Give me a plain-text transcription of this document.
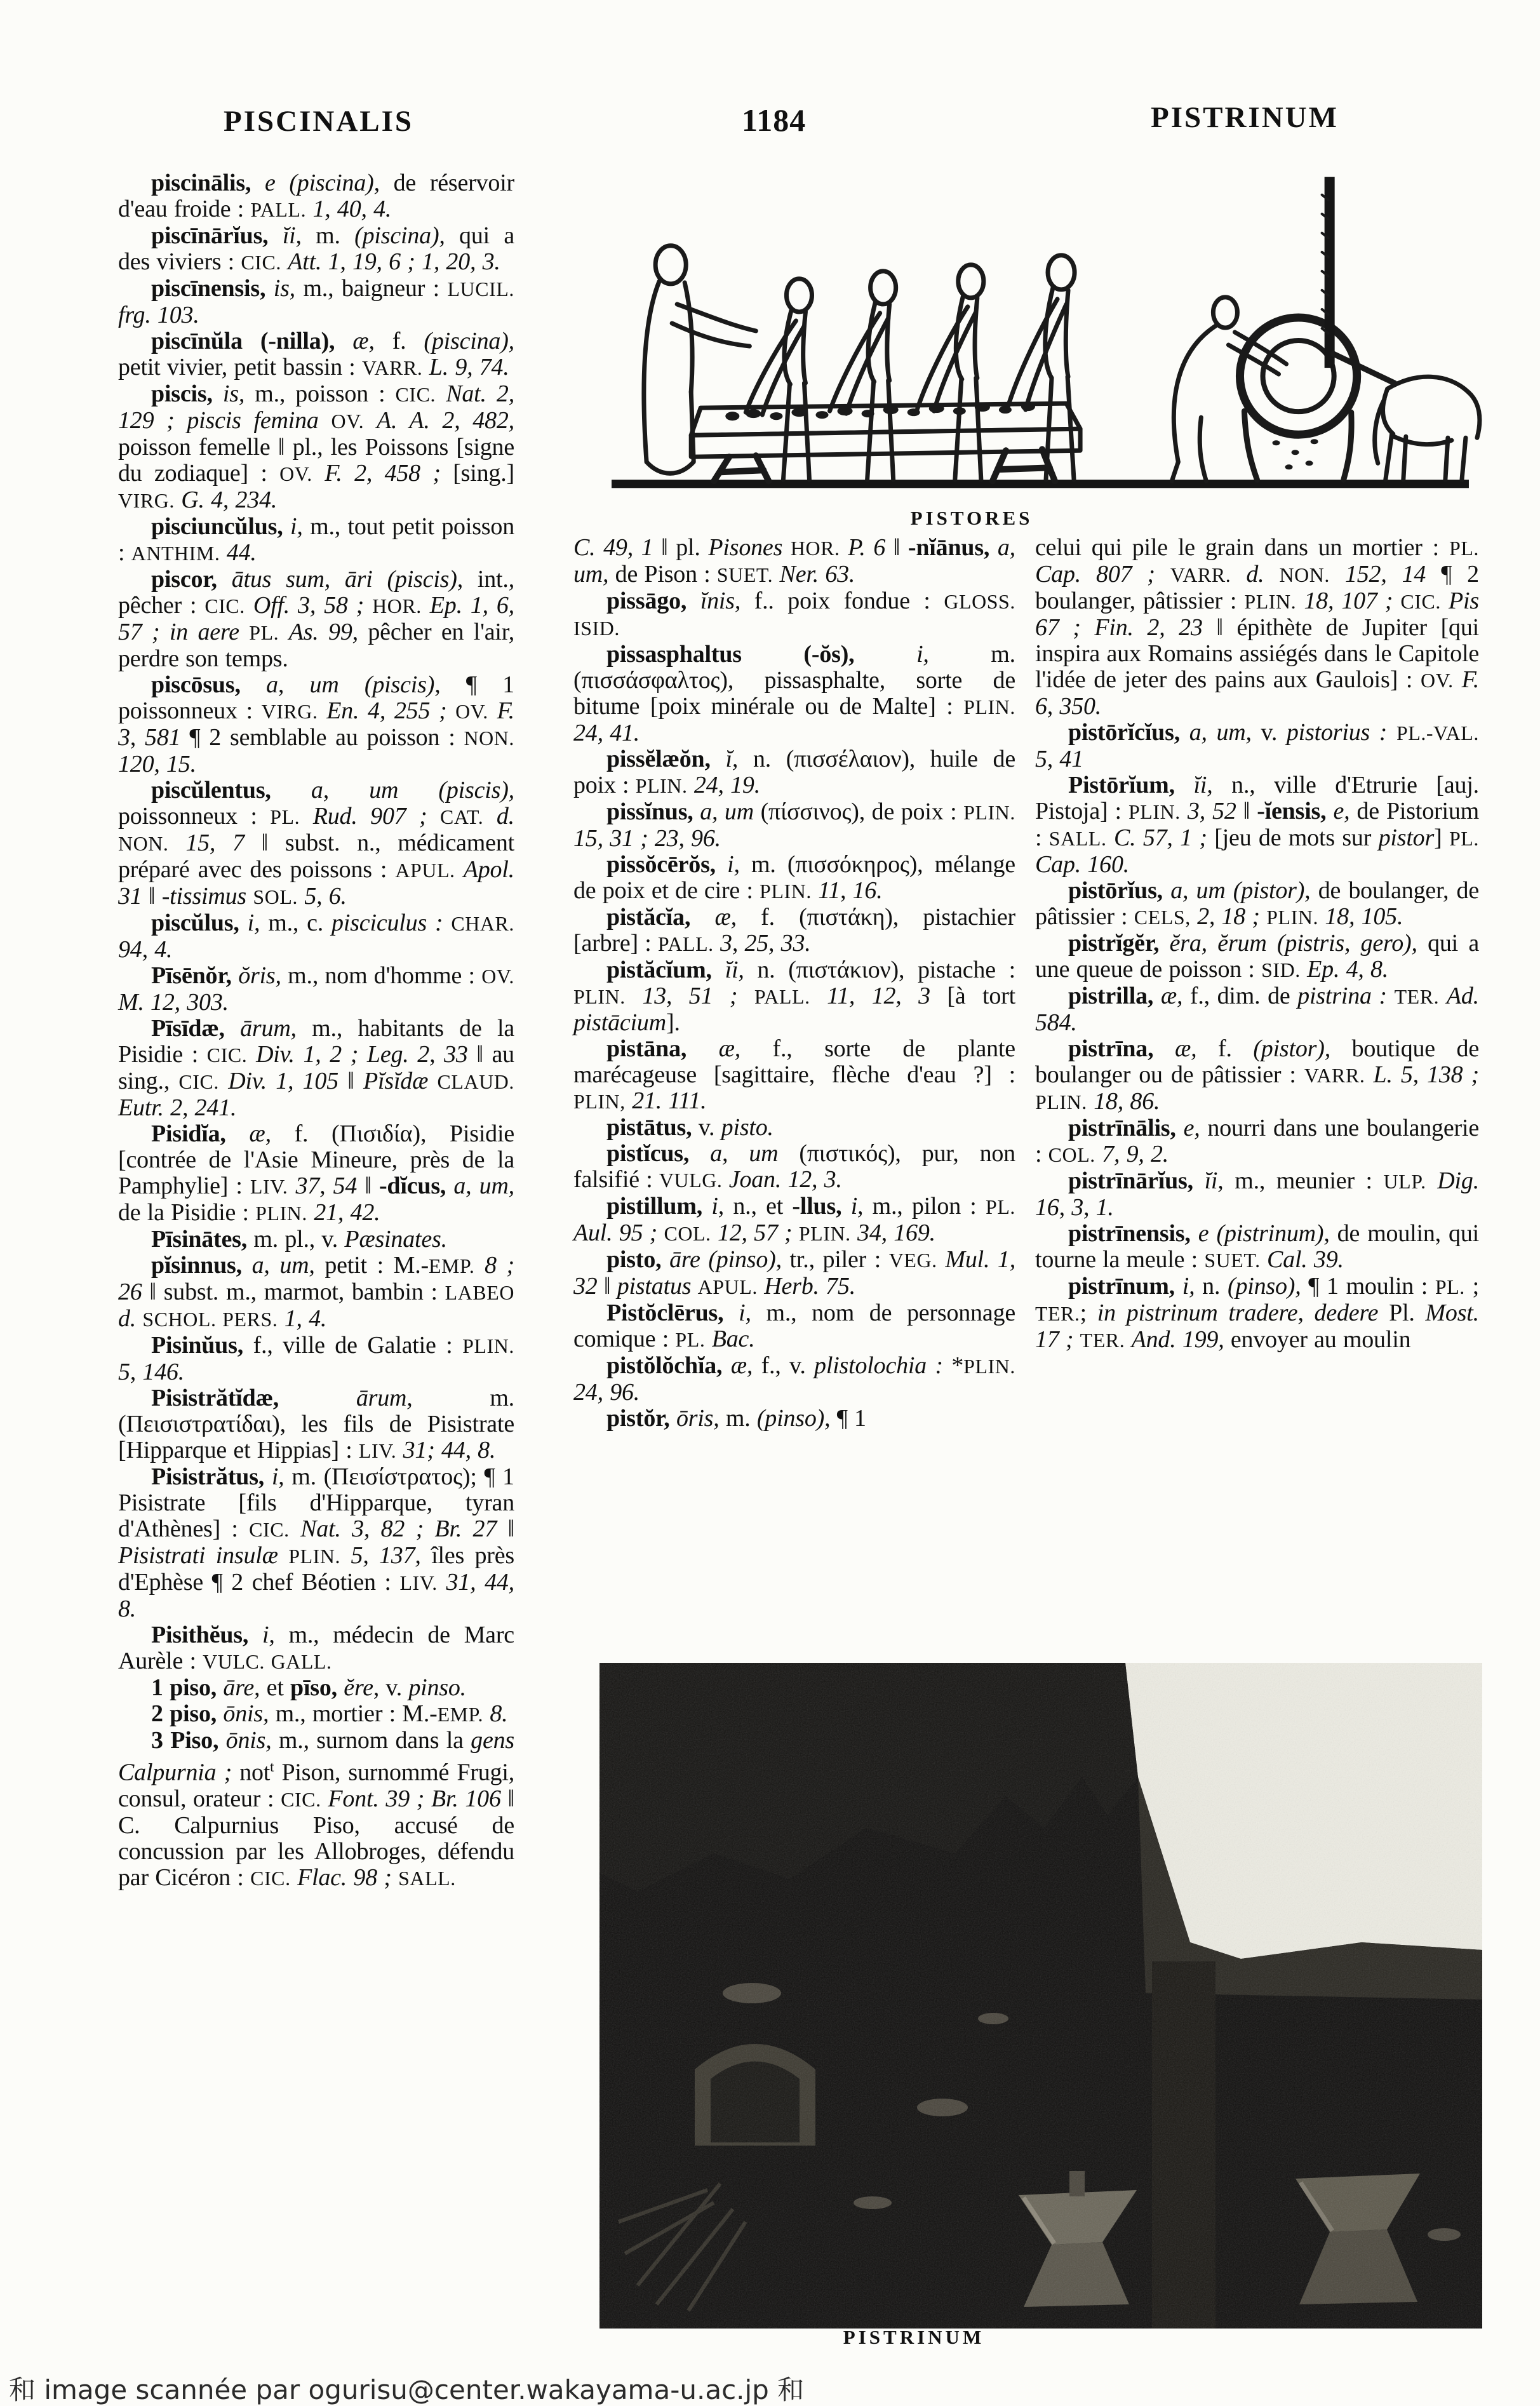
PISCINALIS	1184	PISTRINUM
PISTORES

piscinālis, e (piscina), de réservoir d'eau froide : PALL. 1, 40, 4.

piscīnārĭus, ĭi, m. (piscina), qui a des viviers : CIC. Att. 1, 19, 6 ; 1, 20, 3.

piscīnensis, is, m., baigneur : LUCIL. frg. 103.

piscīnŭla (-nilla), æ, f. (piscina), petit vivier, petit bassin : VARR. L. 9, 74.

piscis, is, m., poisson : CIC. Nat. 2, 129 ; piscis femina OV. A. A. 2, 482, poisson femelle ‖ pl., les Poissons [signe du zodiaque] : OV. F. 2, 458 ; [sing.] VIRG. G. 4, 234.

pisciuncŭlus, i, m., tout petit poisson : ANTHIM. 44.

piscor, ātus sum, āri (piscis), int., pêcher : CIC. Off. 3, 58 ; HOR. Ep. 1, 6, 57 ; in aere PL. As. 99, pêcher en l'air, perdre son temps.

piscōsus, a, um (piscis), ¶ 1 poissonneux : VIRG. En. 4, 255 ; OV. F. 3, 581 ¶ 2 semblable au poisson : NON. 120, 15.

piscŭlentus, a, um (piscis), poissonneux : PL. Rud. 907 ; CAT. d. NON. 15, 7 ‖ subst. n., médicament préparé avec des poissons : APUL. Apol. 31 ‖ -tissimus SOL. 5, 6.

piscŭlus, i, m., c. pisciculus : CHAR. 94, 4.

Pīsēnŏr, ŏris, m., nom d'homme : OV. M. 12, 303.

Pīsīdæ, ārum, m., habitants de la Pisidie : CIC. Div. 1, 2 ; Leg. 2, 33 ‖ au sing., CIC. Div. 1, 105 ‖ Pĭsĭdæ CLAUD. Eutr. 2, 241.

Pisidĭa, æ, f. (Πισιδία), Pisidie [contrée de l'Asie Mineure, près de la Pamphylie] : LIV. 37, 54 ‖ -dĭcus, a, um, de la Pisidie : PLIN. 21, 42.

Pīsinātes, m. pl., v. Pæsinates.

pĭsinnus, a, um, petit : M.-EMP. 8 ; 26 ‖ subst. m., marmot, bambin : LABEO d. SCHOL. PERS. 1, 4.

Pisinŭus, f., ville de Galatie : PLIN. 5, 146.

Pisistrătĭdæ,	ārum, m. (Πεισιστρατίδαι), les fils de Pisistrate [Hipparque et Hippias] : LIV. 31; 44, 8.

Pisistrătus, i, m. (Πεισίστρατος); ¶ 1 Pisistrate [fils d'Hipparque, tyran d'Athènes] : CIC. Nat. 3, 82 ; Br. 27 ‖ Pisistrati insulæ PLIN. 5, 137, îles près d'Ephèse ¶ 2 chef Béotien : LIV. 31, 44, 8.

Pisithĕus, i, m., médecin de Marc Aurèle : VULC. GALL.

1 piso, āre, et pīso, ĕre, v. pinso.

2 piso, ōnis, m., mortier : M.-EMP. 8.

3 Piso, ōnis, m., surnom dans la gens Calpurnia ; not$^t$ Pison, surnommé Frugi, consul, orateur : CIC. Font. 39 ; Br. 106 ‖ C. Calpurnius Piso, accusé de concussion par les Allobroges, défendu par Cicéron : CIC. Flac. 98 ; SALL.

C. 49, 1 ‖ pl. Pisones HOR. P. 6 ‖ -nĭānus, a, um, de Pison : SUET. Ner. 63.

pissāgo, ĭnis, f.. poix fondue : GLOSS. ISID.

pissasphaltus (-ŏs),	i, m. (πισσάσφαλτος), pissasphalte, sorte de bitume [poix minérale ou de Malte] : PLIN. 24, 41.

pissĕlæŏn, ĭ, n. (πισσέλαιον), huile de poix : PLIN. 24, 19.

pissĭnus, a, um (πίσσινος), de poix : PLIN. 15, 31 ; 23, 96.

pissŏcērŏs, i, m. (πισσόκηρος), mélange de poix et de cire : PLIN. 11, 16.

pistăcĭa, æ, f. (πιστάκη), pistachier [arbre] : PALL. 3, 25, 33.

pistăcĭum, ĭi, n. (πιστάκιον), pistache : PLIN. 13, 51 ; PALL. 11, 12, 3 [à tort pistācium].

pistāna, æ, f., sorte de plante marécageuse [sagittaire, flèche d'eau ?] : PLIN, 21. 111.

pistātus, v. pisto.

pistĭcus, a, um (πιστικός), pur, non falsifié : VULG. Joan. 12, 3.

pistillum, i, n., et -llus, i, m., pilon : PL. Aul. 95 ; COL. 12, 57 ; PLIN. 34, 169.

pisto, āre (pinso), tr., piler : VEG. Mul. 1, 32 ‖ pistatus APUL. Herb. 75.

Pistŏclērus, i, m., nom de personnage comique : PL. Bac.

pistŏlŏchĭa, æ, f., v. plistolochia : *PLIN. 24, 96.

pistŏr, ōris, m. (pinso), ¶ 1

celui qui pile le grain dans un mortier : PL. Cap. 807 ; VARR. d. NON. 152, 14 ¶ 2 boulanger, pâtissier : PLIN. 18, 107 ; CIC. Pis 67 ; Fin. 2, 23 ‖ épithète de Jupiter [qui inspira aux Romains assiégés dans le Capitole l'idée de jeter des pains aux Gaulois] : OV. F. 6, 350.

pistōrĭcĭus, a, um, v. pistorius : PL.-VAL. 5, 41

Pistōrĭum, ĭi, n., ville d'Etrurie [auj. Pistoja] : PLIN. 3, 52 ‖ -ĭensis, e, de Pistorium : SALL. C. 57, 1 ; [jeu de mots sur pistor] PL. Cap. 160.

pistōrĭus, a, um (pistor), de boulanger, de pâtissier : CELS, 2, 18 ; PLIN. 18, 105.

pistrĭgĕr, ĕra, ĕrum (pistris, gero), qui a une queue de poisson : SID. Ep. 4, 8.

pistrilla, æ, f., dim. de pistrina : TER. Ad. 584.

pistrīna, æ, f. (pistor), boutique de boulanger ou de pâtissier : VARR. L. 5, 138 ; PLIN. 18, 86.

pistrīnālis, e, nourri dans une boulangerie : COL. 7, 9, 2.

pistrīnārĭus, ĭi, m., meunier : ULP. Dig. 16, 3, 1.

pistrīnensis, e (pistrinum), de moulin, qui tourne la meule : SUET. Cal. 39.

pistrīnum, i, n. (pinso), ¶ 1 moulin : PL. ; TER.; in pistrinum tradere, dedere Pl. Most. 17 ; TER. And. 199, envoyer au moulin

PISTRINUM
和 image scannée par ogurisu@center.wakayama-u.ac.jp 和
